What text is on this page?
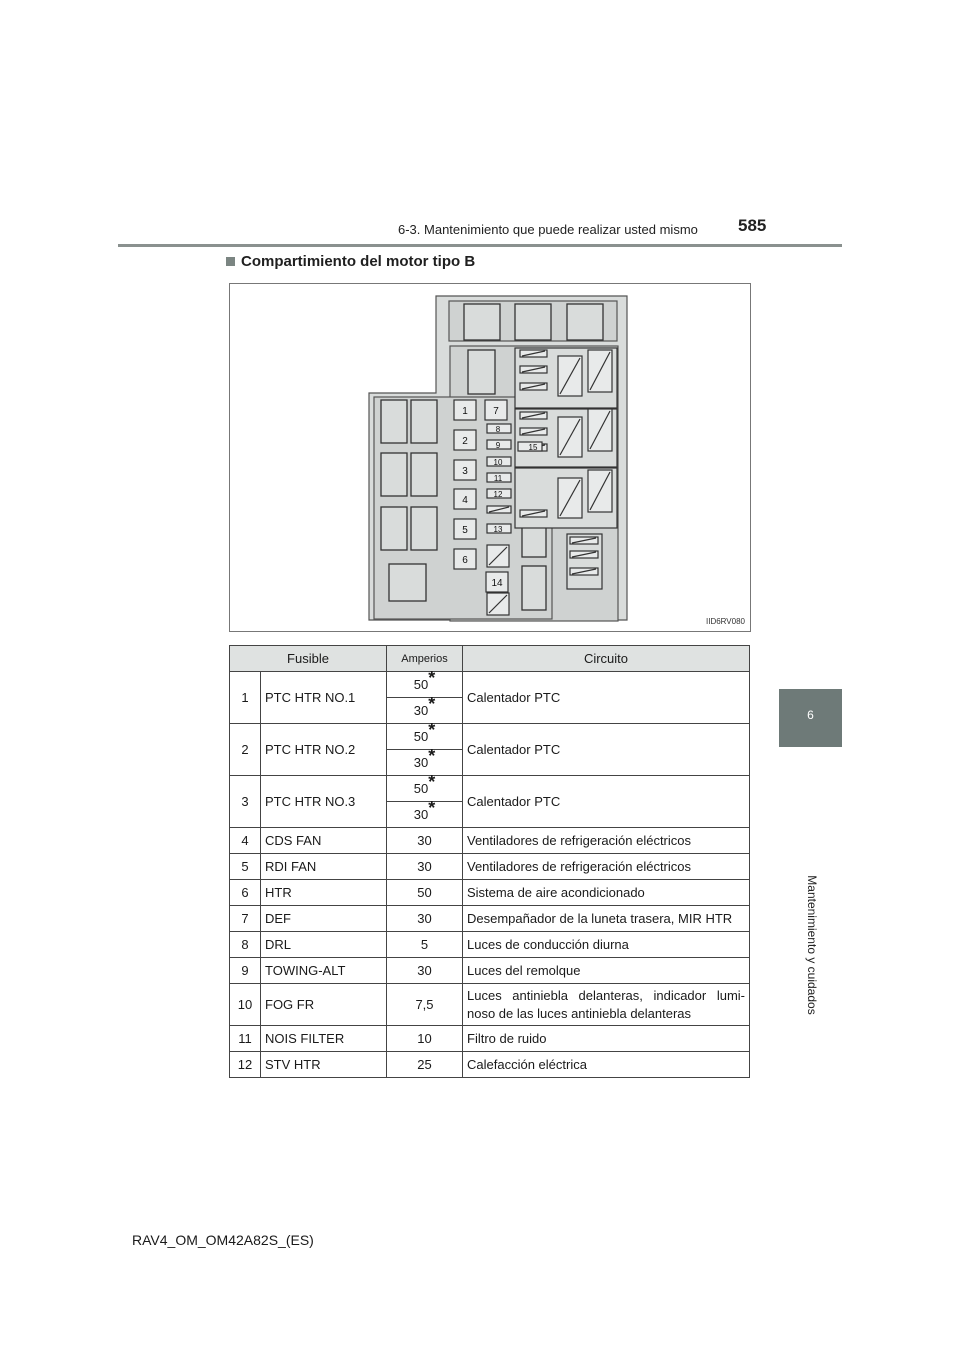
6-3. Mantenimiento que puede realizar usted mismo 585
6
Mantenimiento y cuidados
Compartimiento del motor tipo B
1	7
8
2	9	15
3
10
11
4
12
5	13
6
14
IID6RV080
Fusible		Amperios	Circuito
1	PTC HTR NO.1	50*	Calentador PTC
		30*	
2	PTC HTR NO.2	50*	Calentador PTC
		30*	
3	PTC HTR NO.3	50*	Calentador PTC
		30*	
4	CDS FAN	30	Ventiladores de refrigeración eléctricos
5	RDI FAN	30	Ventiladores de refrigeración eléctricos
6	HTR	50	Sistema de aire acondicionado
7	DEF	30	Desempañador de la luneta trasera, MIR HTR
8	DRL	5	Luces de conducción diurna
9	TOWING-ALT	30	Luces del remolque
10	FOG FR	7,5	Luces antiniebla delanteras, indicador lumi-noso de las luces antiniebla delanteras
11	NOIS FILTER	10	Filtro de ruido
12	STV HTR	25	Calefacción eléctrica
RAV4_OM_OM42A82S_(ES)
